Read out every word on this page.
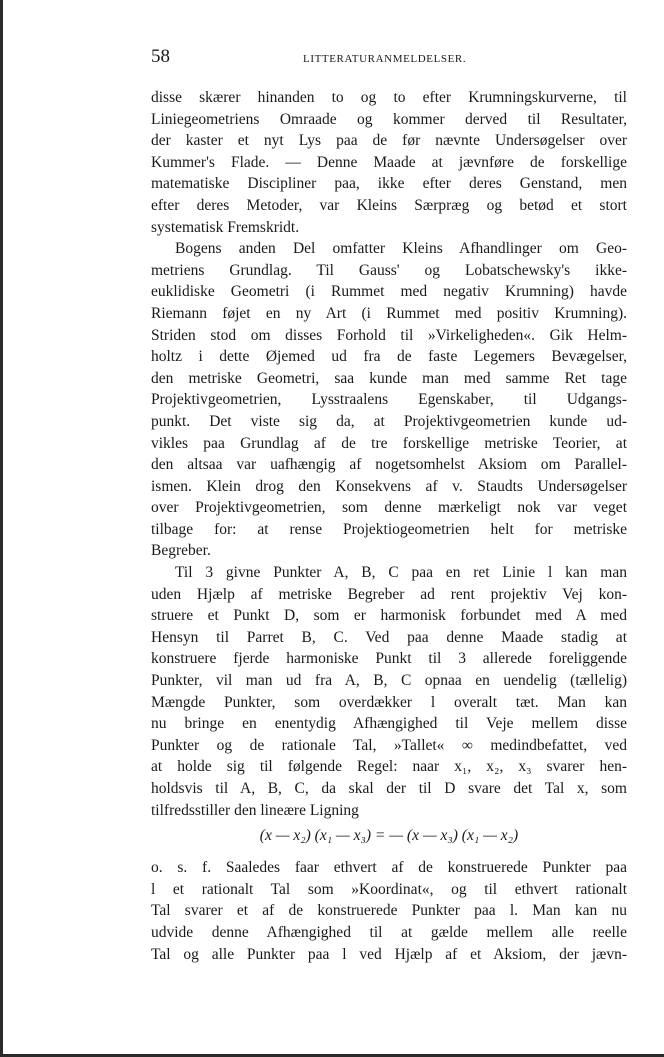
58	LITTERATURANMELDELSER.
disse skærer hinanden to og to efter Krumningskurverne, til
Liniegeometriens Omraade og kommer derved til Resultater,
der kaster et nyt Lys paa de før nævnte Undersøgelser over
Kummer's Flade. — Denne Maade at jævnføre de forskellige
matematiske Discipliner paa, ikke efter deres Genstand, men
efter deres Metoder, var Kleins Særpræg og betød et stort
systematisk Fremskridt.
Bogens anden Del omfatter Kleins Afhandlinger om Geo-
metriens Grundlag. Til Gauss' og Lobatschewsky's ikke-
euklidiske Geometri (i Rummet med negativ Krumning) havde
Riemann føjet en ny Art (i Rummet med positiv Krumning).
Striden stod om disses Forhold til »Virkeligheden«. Gik Helm-
holtz i dette Øjemed ud fra de faste Legemers Bevægelser,
den metriske Geometri, saa kunde man med samme Ret tage
Projektivgeometrien, Lysstraalens Egenskaber, til Udgangs-
punkt. Det viste sig da, at Projektivgeometrien kunde ud-
vikles paa Grundlag af de tre forskellige metriske Teorier, at
den altsaa var uafhængig af nogetsomhelst Aksiom om Parallel-
ismen. Klein drog den Konsekvens af v. Staudts Undersøgelser
over Projektivgeometrien, som denne mærkeligt nok var veget
tilbage for: at rense Projektiogeometrien helt for metriske
Begreber.
Til 3 givne Punkter A, B, C paa en ret Linie l kan man
uden Hjælp af metriske Begreber ad rent projektiv Vej kon-
struere et Punkt D, som er harmonisk forbundet med A med
Hensyn til Parret B, C. Ved paa denne Maade stadig at
konstruere fjerde harmoniske Punkt til 3 allerede foreliggende
Punkter, vil man ud fra A, B, C opnaa en uendelig (tællelig)
Mængde Punkter, som overdækker l overalt tæt. Man kan
nu bringe en enentydig Afhængighed til Veje mellem disse
Punkter og de rationale Tal, »Tallet« ∞ medindbefattet, ved
at holde sig til følgende Regel: naar x₁, x₂, x₃ svarer hen-
holdsvis til A, B, C, da skal der til D svare det Tal x, som
tilfredsstiller den lineære Ligning
(x — x₂) (x₁ — x₃) = — (x — x₃) (x₁ — x₂)
o. s. f. Saaledes faar ethvert af de konstruerede Punkter paa
l et rationalt Tal som »Koordinat«, og til ethvert rationalt
Tal svarer et af de konstruerede Punkter paa l. Man kan nu
udvide denne Afhængighed til at gælde mellem alle reelle
Tal og alle Punkter paa l ved Hjælp af et Aksiom, der jævn-
